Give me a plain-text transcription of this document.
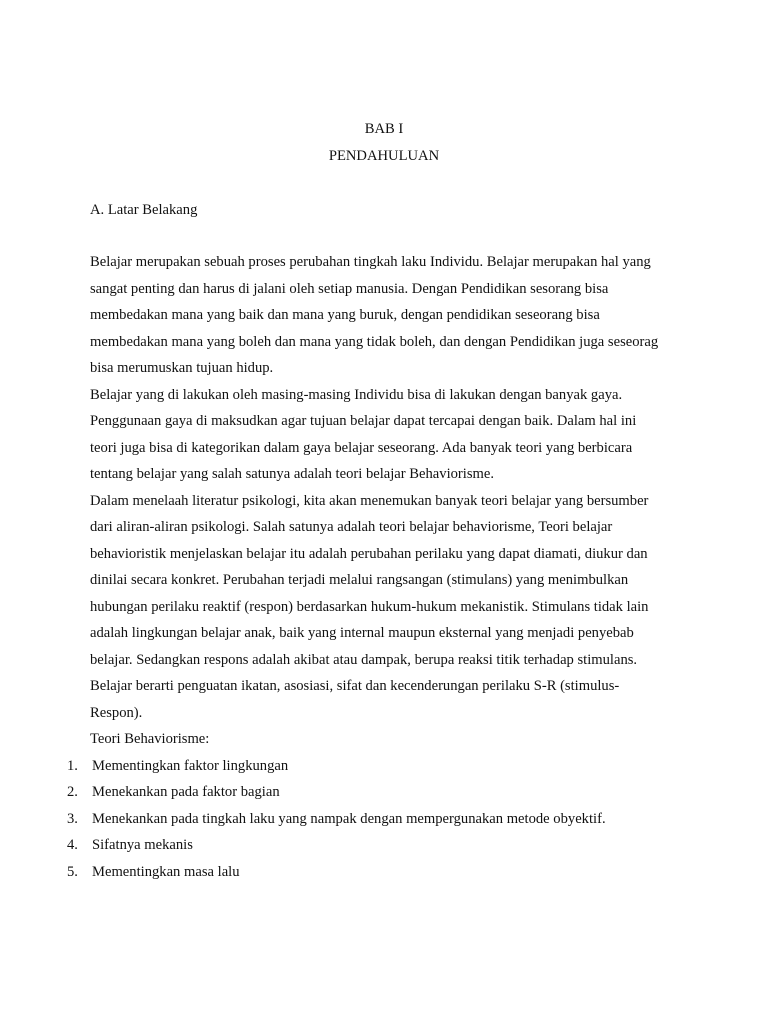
BAB I
PENDAHULUAN
A. Latar Belakang
Belajar merupakan sebuah proses perubahan tingkah laku Individu. Belajar merupakan hal yang
sangat penting dan harus di jalani oleh setiap manusia. Dengan Pendidikan sesorang bisa
membedakan mana yang baik dan mana yang buruk, dengan pendidikan seseorang bisa
membedakan mana yang boleh dan mana yang tidak boleh, dan dengan Pendidikan juga seseorag
bisa merumuskan tujuan hidup.
Belajar yang di lakukan oleh masing-masing Individu bisa di lakukan dengan banyak gaya.
Penggunaan gaya di maksudkan agar tujuan belajar dapat tercapai dengan baik. Dalam hal ini
teori juga bisa di kategorikan dalam gaya belajar seseorang. Ada banyak teori yang berbicara
tentang belajar yang salah satunya adalah teori belajar Behaviorisme.
Dalam menelaah literatur psikologi, kita akan menemukan banyak teori belajar yang bersumber
dari aliran-aliran psikologi. Salah satunya adalah teori belajar behaviorisme, Teori belajar
behavioristik menjelaskan belajar itu adalah perubahan perilaku yang dapat diamati, diukur dan
dinilai secara konkret. Perubahan terjadi melalui rangsangan (stimulans) yang menimbulkan
hubungan perilaku reaktif (respon) berdasarkan hukum-hukum mekanistik. Stimulans tidak lain
adalah lingkungan belajar anak, baik yang internal maupun eksternal yang menjadi penyebab
belajar. Sedangkan respons adalah akibat atau dampak, berupa reaksi titik terhadap stimulans.
Belajar berarti penguatan ikatan, asosiasi, sifat dan kecenderungan perilaku S-R (stimulus-
Respon).
Teori Behaviorisme:
1. Mementingkan faktor lingkungan
2. Menekankan pada faktor bagian
3. Menekankan pada tingkah laku yang nampak dengan mempergunakan metode obyektif.
4. Sifatnya mekanis
5. Mementingkan masa lalu
